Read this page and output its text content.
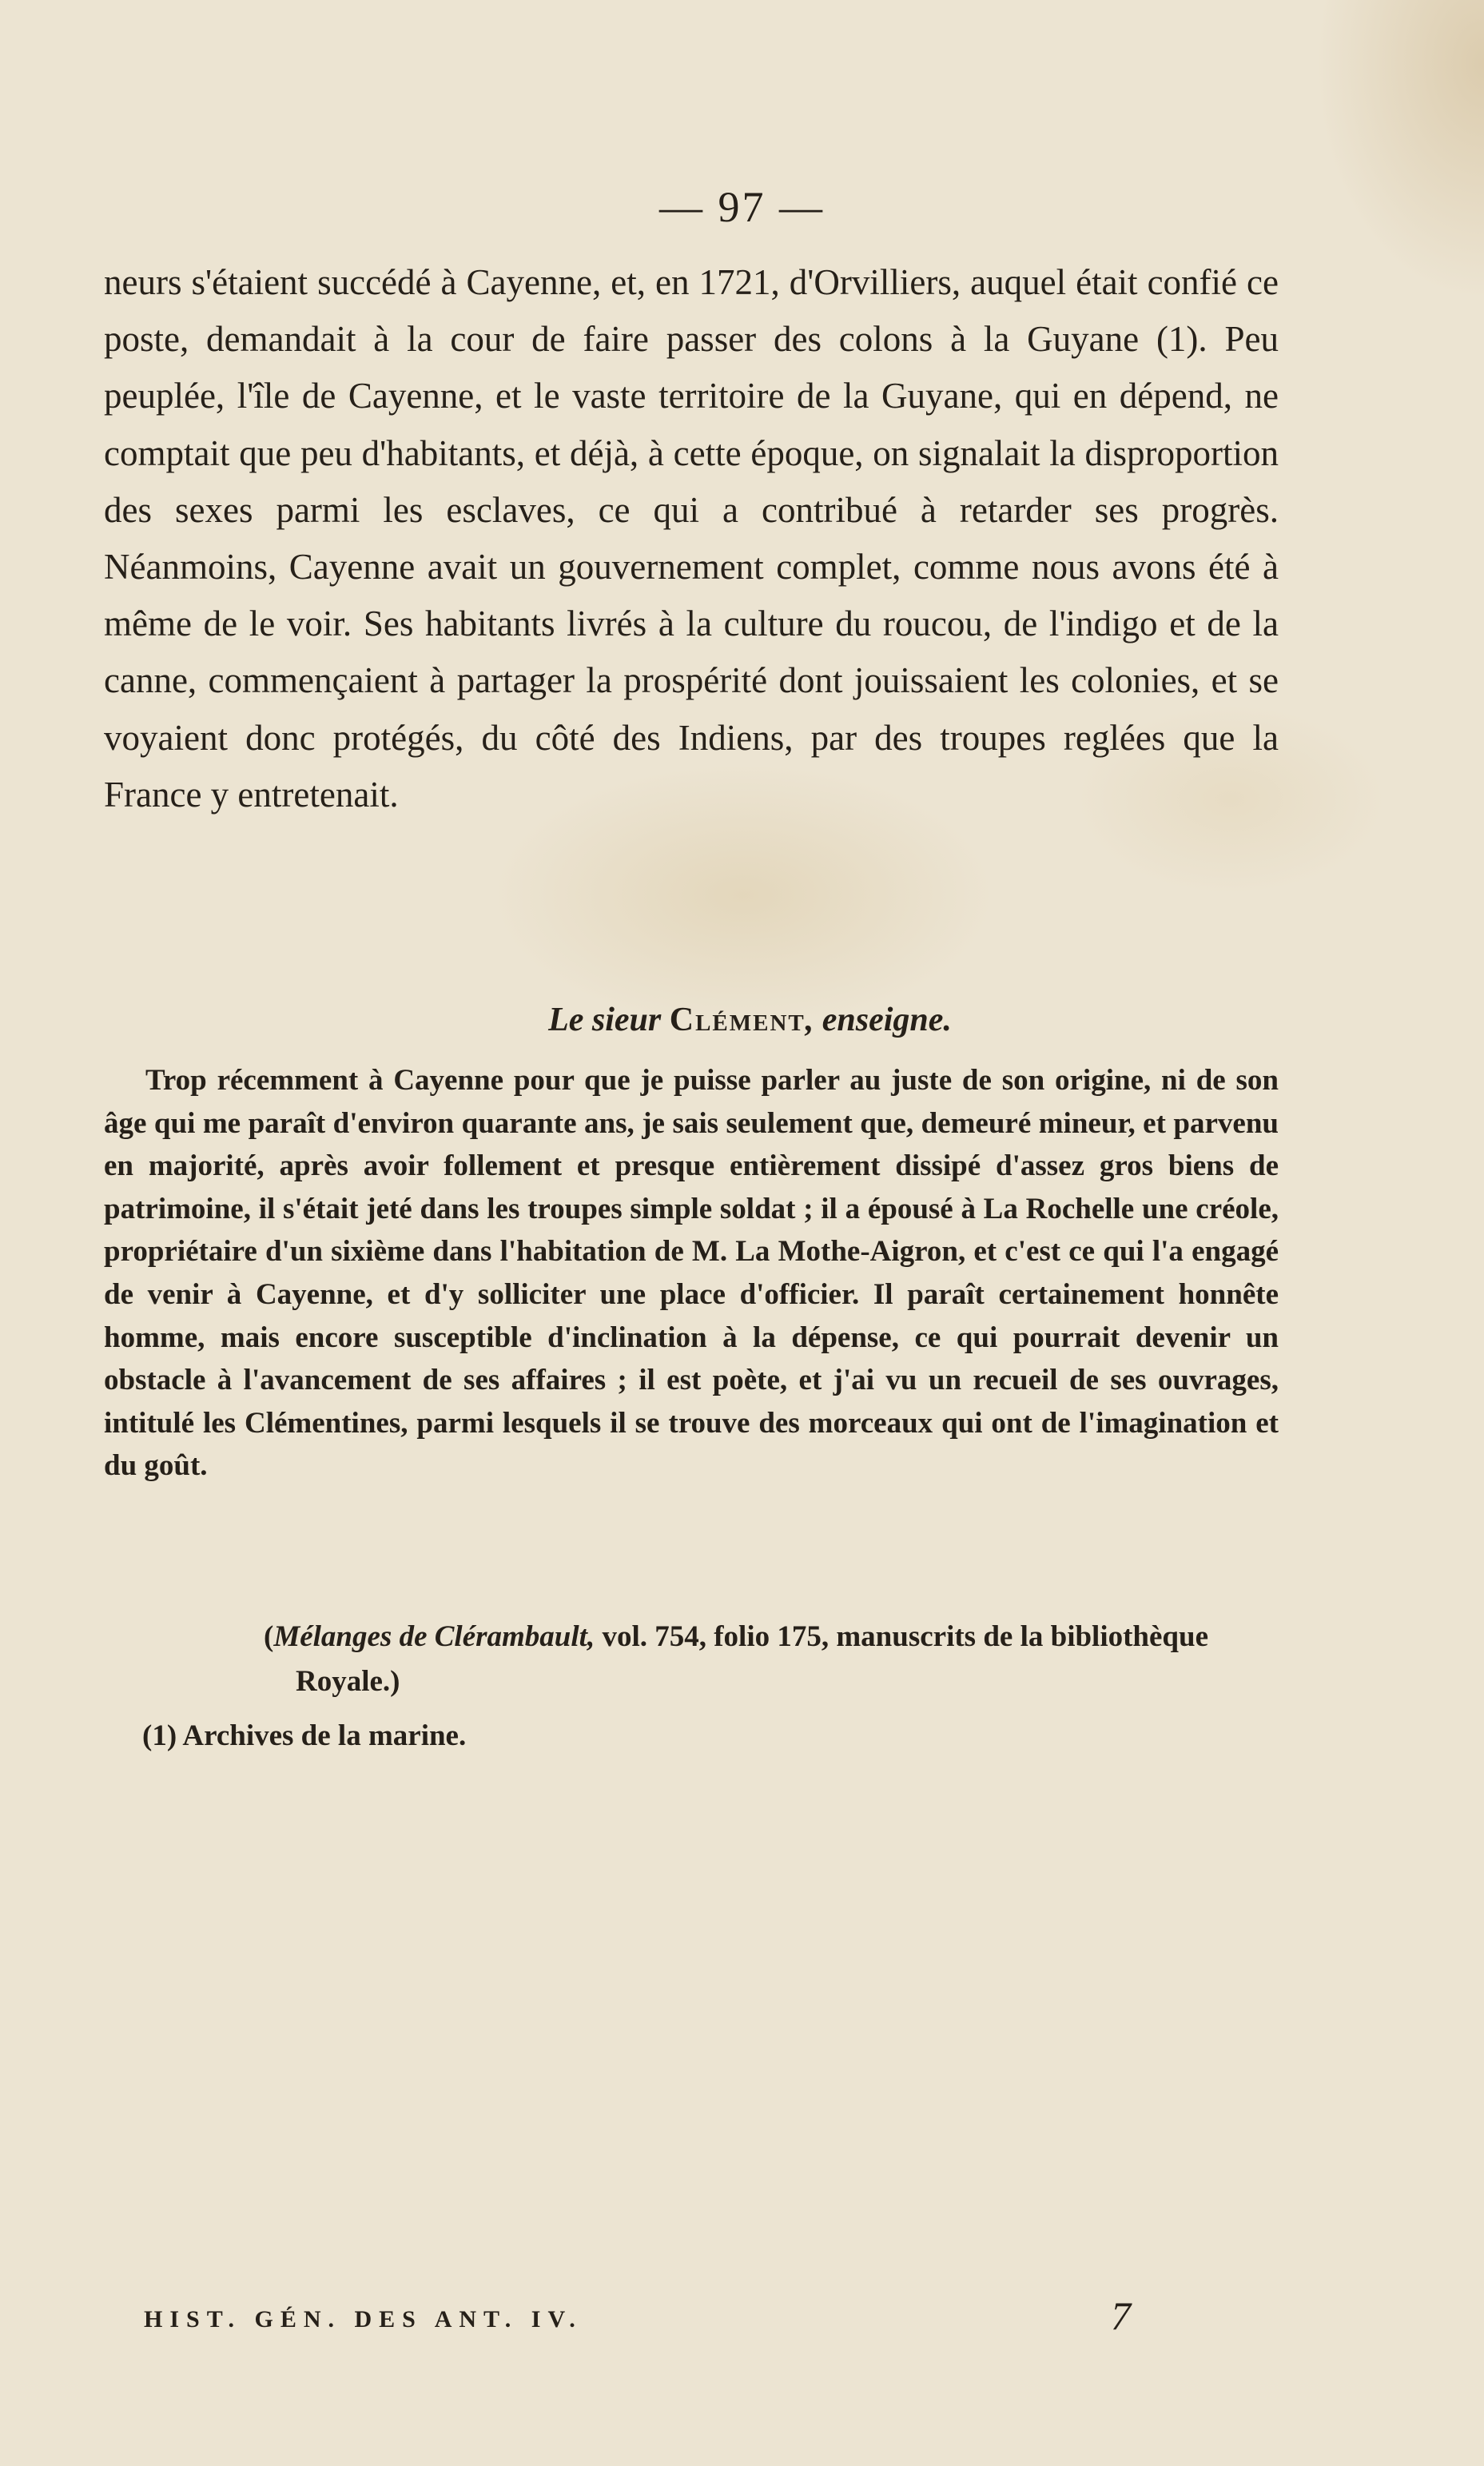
— 97 —

neurs s'étaient succédé à Cayenne, et, en 1721, d'Orvilliers, auquel était confié ce poste, demandait à la cour de faire passer des colons à la Guyane (1). Peu peuplée, l'île de Cayenne, et le vaste territoire de la Guyane, qui en dépend, ne comptait que peu d'habitants, et déjà, à cette époque, on signalait la disproportion des sexes parmi les esclaves, ce qui a contribué à retarder ses progrès. Néanmoins, Cayenne avait un gouvernement complet, comme nous avons été à même de le voir. Ses habitants livrés à la culture du roucou, de l'indigo et de la canne, commençaient à partager la prospérité dont jouissaient les colonies, et se voyaient donc protégés, du côté des Indiens, par des troupes reglées que la France y entretenait.

Le sieur Clément, enseigne.

Trop récemment à Cayenne pour que je puisse parler au juste de son origine, ni de son âge qui me paraît d'environ quarante ans, je sais seulement que, demeuré mineur, et parvenu en majorité, après avoir follement et presque entièrement dissipé d'assez gros biens de patrimoine, il s'était jeté dans les troupes simple soldat ; il a épousé à La Rochelle une créole, propriétaire d'un sixième dans l'habitation de M. La Mothe-Aigron, et c'est ce qui l'a engagé de venir à Cayenne, et d'y solliciter une place d'officier. Il paraît certainement honnête homme, mais encore susceptible d'inclination à la dépense, ce qui pourrait devenir un obstacle à l'avancement de ses affaires ; il est poète, et j'ai vu un recueil de ses ouvrages, intitulé les Clémentines, parmi lesquels il se trouve des morceaux qui ont de l'imagination et du goût.

(Mélanges de Clérambault, vol. 754, folio 175, manuscrits de la bibliothèque Royale.)

(1) Archives de la marine.

HIST. GÉN. DES ANT. IV.	7
